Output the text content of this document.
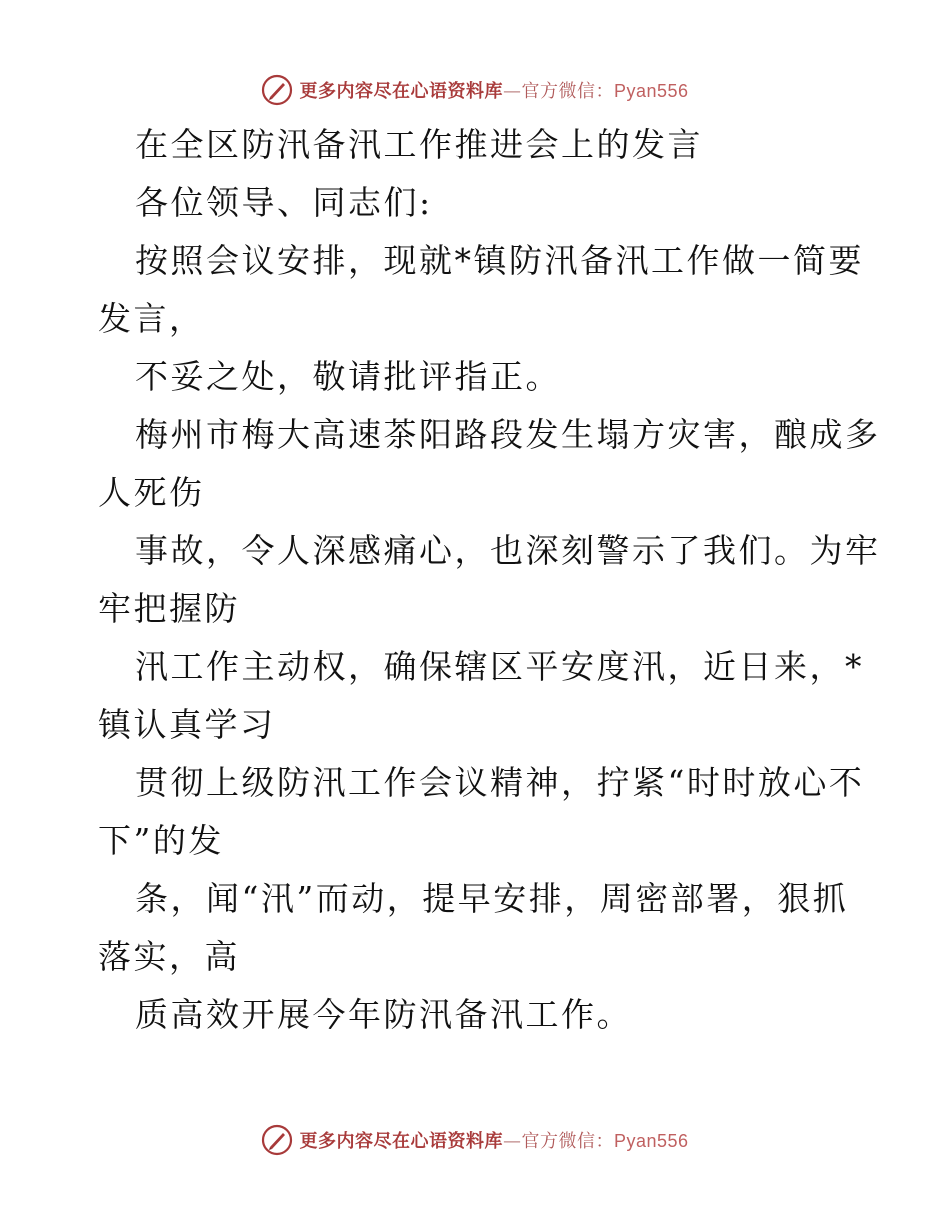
更多内容尽在心语资料库—官方微信：Pyan556

在全区防汛备汛工作推进会上的发言

各位领导、同志们:

按照会议安排，现就*镇防汛备汛工作做一简要

发言，

不妥之处，敬请批评指正。

梅州市梅大高速茶阳路段发生塌方灾害，酿成多

人死伤

事故，令人深感痛心，也深刻警示了我们。为牢

牢把握防

汛工作主动权，确保辖区平安度汛，近日来，*

镇认真学习

贯彻上级防汛工作会议精神，拧紧“时时放心不

下”的发

条，闻“汛”而动，提早安排，周密部署，狠抓

落实，高

质高效开展今年防汛备汛工作。

更多内容尽在心语资料库—官方微信：Pyan556
